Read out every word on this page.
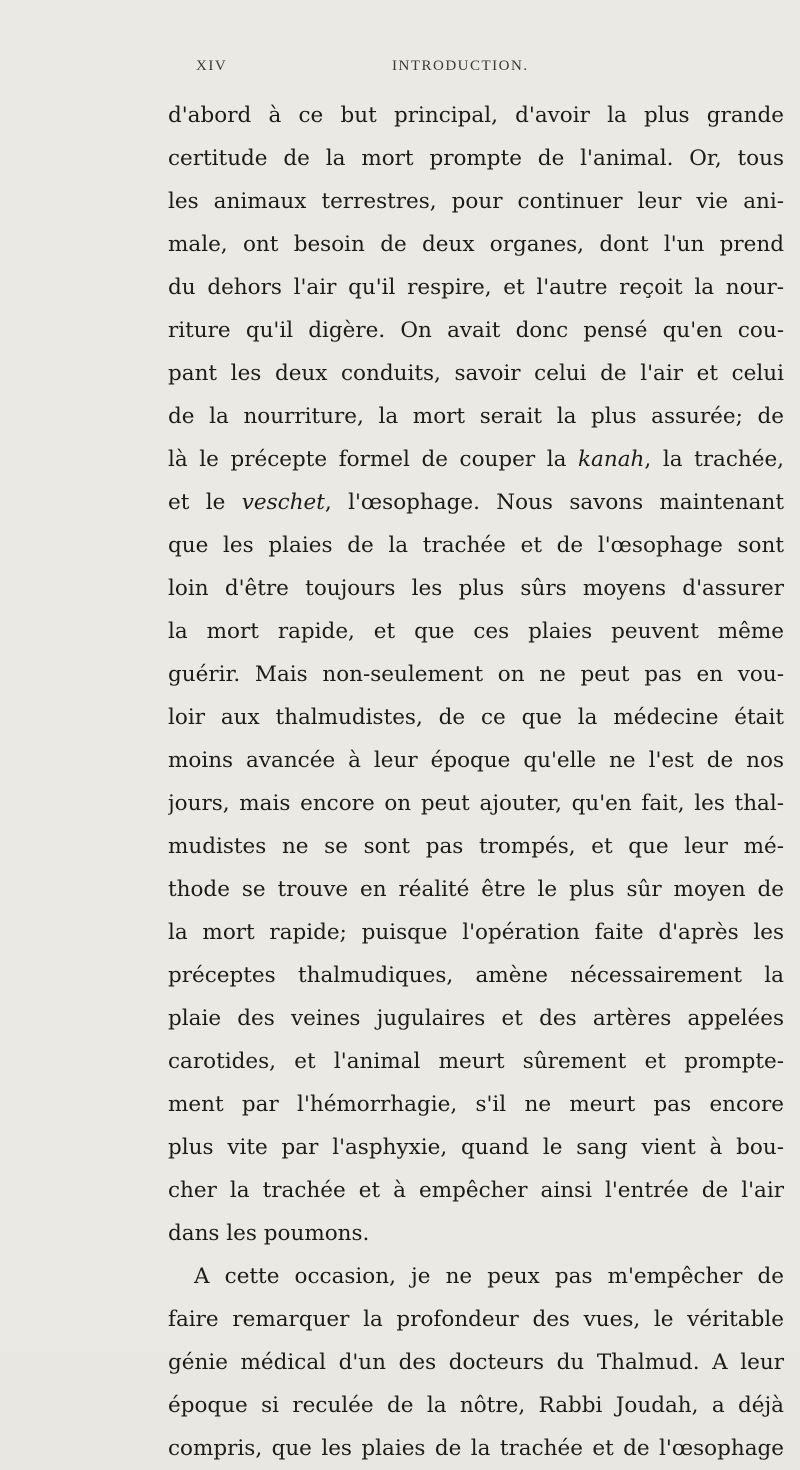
XIV	INTRODUCTION.
d'abord à ce but principal, d'avoir la plus grande
certitude de la mort prompte de l'animal. Or, tous
les animaux terrestres, pour continuer leur vie ani-
male, ont besoin de deux organes, dont l'un prend
du dehors l'air qu'il respire, et l'autre reçoit la nour-
riture qu'il digère. On avait donc pensé qu'en cou-
pant les deux conduits, savoir celui de l'air et celui
de la nourriture, la mort serait la plus assurée; de
là le précepte formel de couper la kanah, la trachée,
et le veschet, l'œsophage. Nous savons maintenant
que les plaies de la trachée et de l'œsophage sont
loin d'être toujours les plus sûrs moyens d'assurer
la mort rapide, et que ces plaies peuvent même
guérir. Mais non-seulement on ne peut pas en vou-
loir aux thalmudistes, de ce que la médecine était
moins avancée à leur époque qu'elle ne l'est de nos
jours, mais encore on peut ajouter, qu'en fait, les thal-
mudistes ne se sont pas trompés, et que leur mé-
thode se trouve en réalité être le plus sûr moyen de
la mort rapide; puisque l'opération faite d'après les
préceptes thalmudiques, amène nécessairement la
plaie des veines jugulaires et des artères appelées
carotides, et l'animal meurt sûrement et prompte-
ment par l'hémorrhagie, s'il ne meurt pas encore
plus vite par l'asphyxie, quand le sang vient à bou-
cher la trachée et à empêcher ainsi l'entrée de l'air
dans les poumons.
A cette occasion, je ne peux pas m'empêcher de
faire remarquer la profondeur des vues, le véritable
génie médical d'un des docteurs du Thalmud. A leur
époque si reculée de la nôtre, Rabbi Joudah, a déjà
compris, que les plaies de la trachée et de l'œsophage
